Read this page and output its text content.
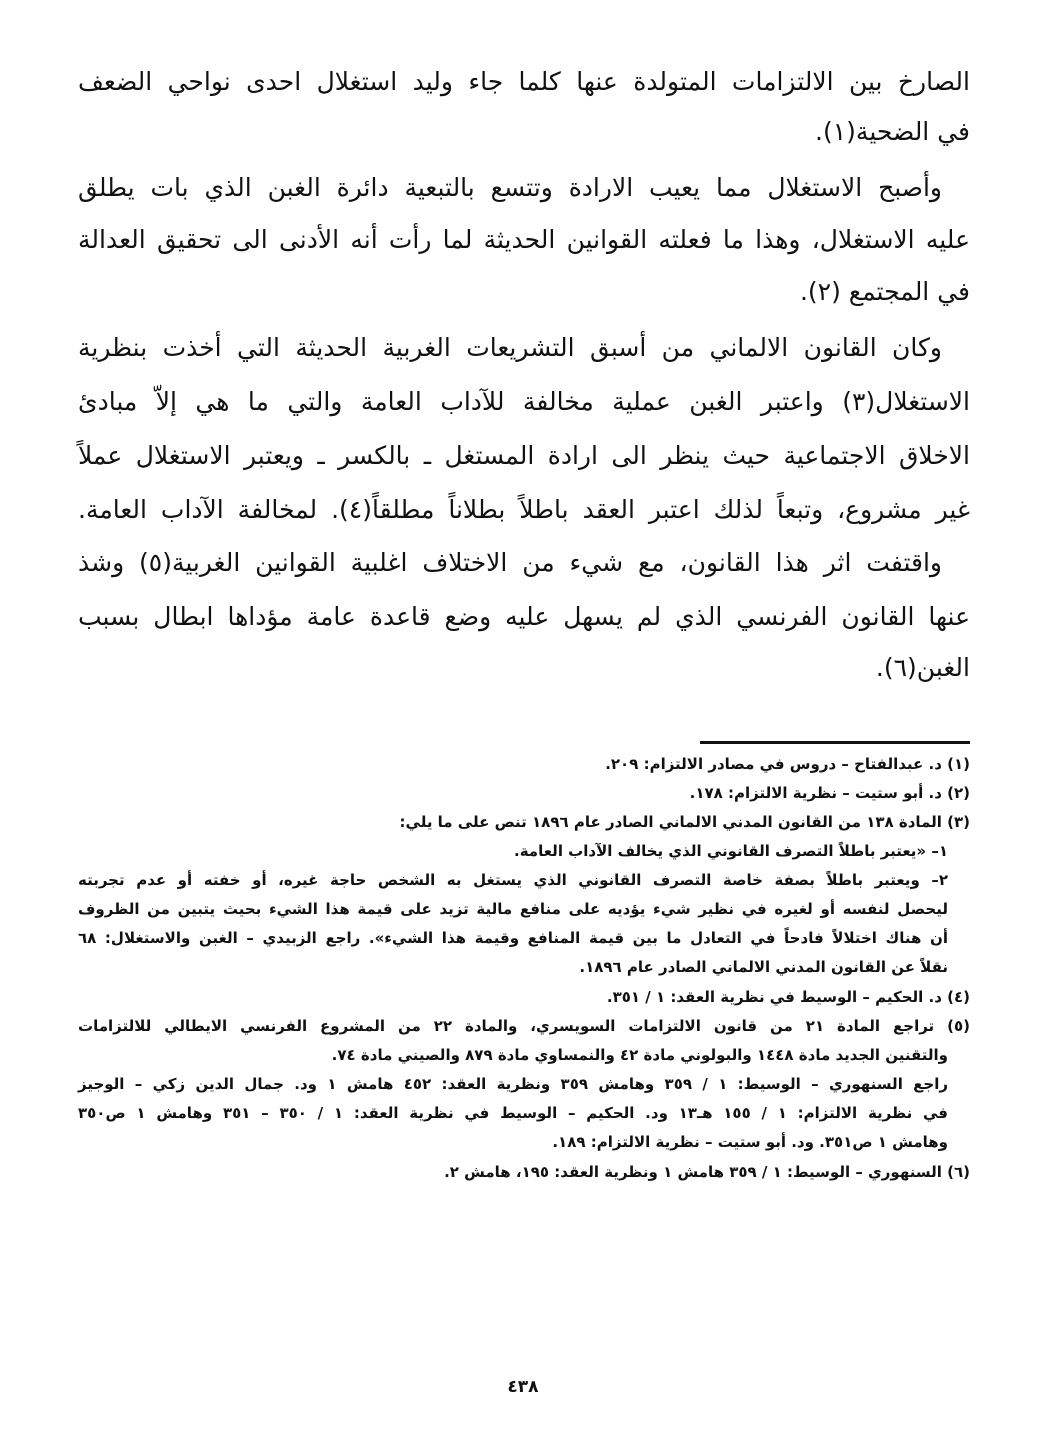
الصارخ بين الالتزامات المتولدة عنها كلما جاء وليد استغلال احدى نواحي الضعف
في الضحية(١).
وأصبح الاستغلال مما يعيب الارادة وتتسع بالتبعية دائرة الغبن الذي بات يطلق
عليه الاستغلال، وهذا ما فعلته القوانين الحديثة لما رأت أنه الأدنى الى تحقيق العدالة
في المجتمع (٢).
وكان القانون الالماني من أسبق التشريعات الغربية الحديثة التي أخذت بنظرية
الاستغلال(٣) واعتبر الغبن عملية مخالفة للآداب العامة والتي ما هي إلاّ مبادئ
الاخلاق الاجتماعية حيث ينظر الى ارادة المستغل ـ بالكسر ـ ويعتبر الاستغلال عملاً
غير مشروع، وتبعاً لذلك اعتبر العقد باطلاً بطلاناً مطلقاً(٤). لمخالفة الآداب العامة.
واقتفت اثر هذا القانون، مع شيء من الاختلاف اغلبية القوانين الغربية(٥) وشذ
عنها القانون الفرنسي الذي لم يسهل عليه وضع قاعدة عامة مؤداها ابطال بسبب
الغبن(٦).
(١) د. عبدالفتاح – دروس في مصادر الالتزام: ٢٠٩.
(٢) د. أبو ستيت – نظرية الالتزام: ١٧٨.
(٣) المادة ١٣٨ من القانون المدني الالماني الصادر عام ١٨٩٦ تنص على ما يلي:
١– «يعتبر باطلاً التصرف القانوني الذي يخالف الآداب العامة.
٢– ويعتبر باطلاً بصفة خاصة التصرف القانوني الذي يستغل به الشخص حاجة غيره، أو خفته أو عدم تجربته
ليحصل لنفسه أو لغيره في نظير شيء يؤديه على منافع مالية تزيد على قيمة هذا الشيء بحيث يتبين من الظروف
أن هناك اختلالاً فادحاً في التعادل ما بين قيمة المنافع وقيمة هذا الشيء». راجع الزبيدي – الغبن والاستغلال: ٦٨
نقلاً عن القانون المدني الالماني الصادر عام ١٨٩٦.
(٤) د. الحكيم – الوسيط في نظرية العقد: ١ / ٣٥١.
(٥) تراجع المادة ٢١ من قانون الالتزامات السويسري، والمادة ٢٢ من المشروع الفرنسي الايطالي للالتزامات
والتقنين الجديد مادة ١٤٤٨ والبولوني مادة ٤٢ والنمساوي مادة ٨٧٩ والصيني مادة ٧٤.
راجع السنهوري – الوسيط: ١ / ٣٥٩ وهامش ٣٥٩ ونظرية العقد: ٤٥٢ هامش ١ ود. جمال الدين زكي – الوجيز
في نظرية الالتزام: ١ / ١٥٥ هـ١٣ ود. الحكيم – الوسيط في نظرية العقد: ١ / ٣٥٠ – ٣٥١ وهامش ١ ص٣٥٠
وهامش ١ ص٣٥١. ود. أبو ستيت – نظرية الالتزام: ١٨٩.
(٦) السنهوري – الوسيط: ١ / ٣٥٩ هامش ١ ونظرية العقد: ١٩٥، هامش ٢.
٤٣٨
